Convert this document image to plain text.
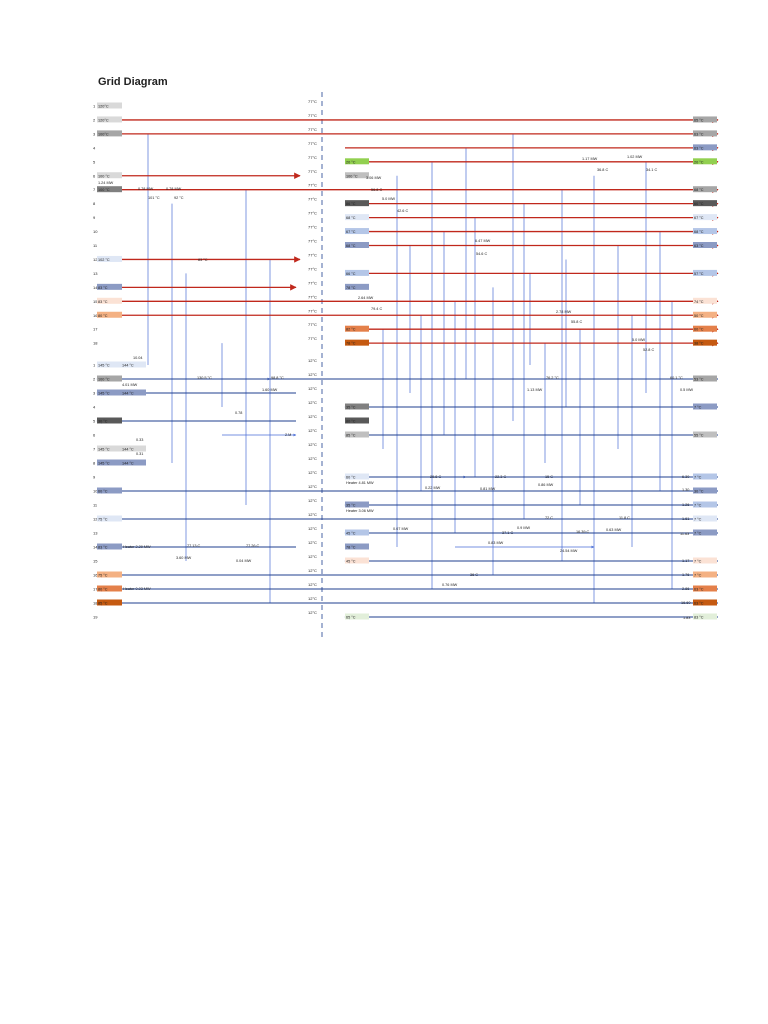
Grid Diagram
77°C
77°C
77°C
77°C
77°C
77°C
77°C
77°C
77°C
77°C
77°C
77°C
77°C
77°C
77°C
77°C
77°C
77°C
12°C
12°C
12°C
12°C
12°C
12°C
12°C
12°C
12°C
12°C
12°C
12°C
12°C
12°C
12°C
12°C
12°C
12°C
12°C
1 120°C
2 120°C	65 °C
3 100°C	63 °C
4	63 °C
5	20 °C
20 °C
6 100 °C	100 °C
7 100 °C	68 °C
8	60 °C
86 °C
9	67 °C
68 °C
10	68 °C
67 °C
11	63 °C
68 °C
12 102 °C
13	57 °C
66 °C
14 83 °C	78 °C
15 83 °C	74 °C
16 80 °C	50 °C
17	60 °C
82 °C
18	38 °C
78 °C
1 145 °C	144 °C
2 100 °C	53 °C
3 145 °C	144 °C
4	7 °C
35 °C
5 30 °C	80 °C
6	55 °C
85 °C
7 145 °C	144 °C
8 145 °C	144 °C
9	7 °C
60 °C
10 60 °C	30 °C
11	7 °C
35 °C
12 75 °C	7 °C
13	7 °C
45 °C
14 83 °C	78 °C
15	7 °C
45 °C
16 75 °C	7 °C
17 80 °C	63 °C
18 85 °C	63 °C
19	83 °C
65 °C
1.17 MW	1.02 MW
36.8 C	34.1 C
3.06 MW
56.8 C
1.24 MW
0.78 MW	0.78 MW
101 °C	92 °C	5.0 MW
42.6 C
6.47 MW
54.6 C
83 °C
2.64 MW
79.4 C
2.78 MW
55.8 C
5.0 MW
52.8 C
10.04
130.5 °C	98.8 °C
1.60 MW
4.01 MW
76.2 °C
1.13 MW
60.1 °C
0.5 MW
0.78
2.M
0.33
0.31
29.8 C	22.3 C	15 C
Heater 4.81 MW
0.22 MW	0.81 MW
0.86 MW
6.30
1.30
1.26
Heater 3.06 MW
0.07 MW	0.9 MW
72 C	11.8 C	1.61
0.83 MW
37.1 C	16.39 C	0.63 MW
11.63
24.54 MW
Heater 2.29 MW	77.13 C	77.26 C
3.60 MW
0.04 MW	1.17
36 C	1.76
Heater 0.03 MW
0.76 MW
2.86
16.60
1.83
